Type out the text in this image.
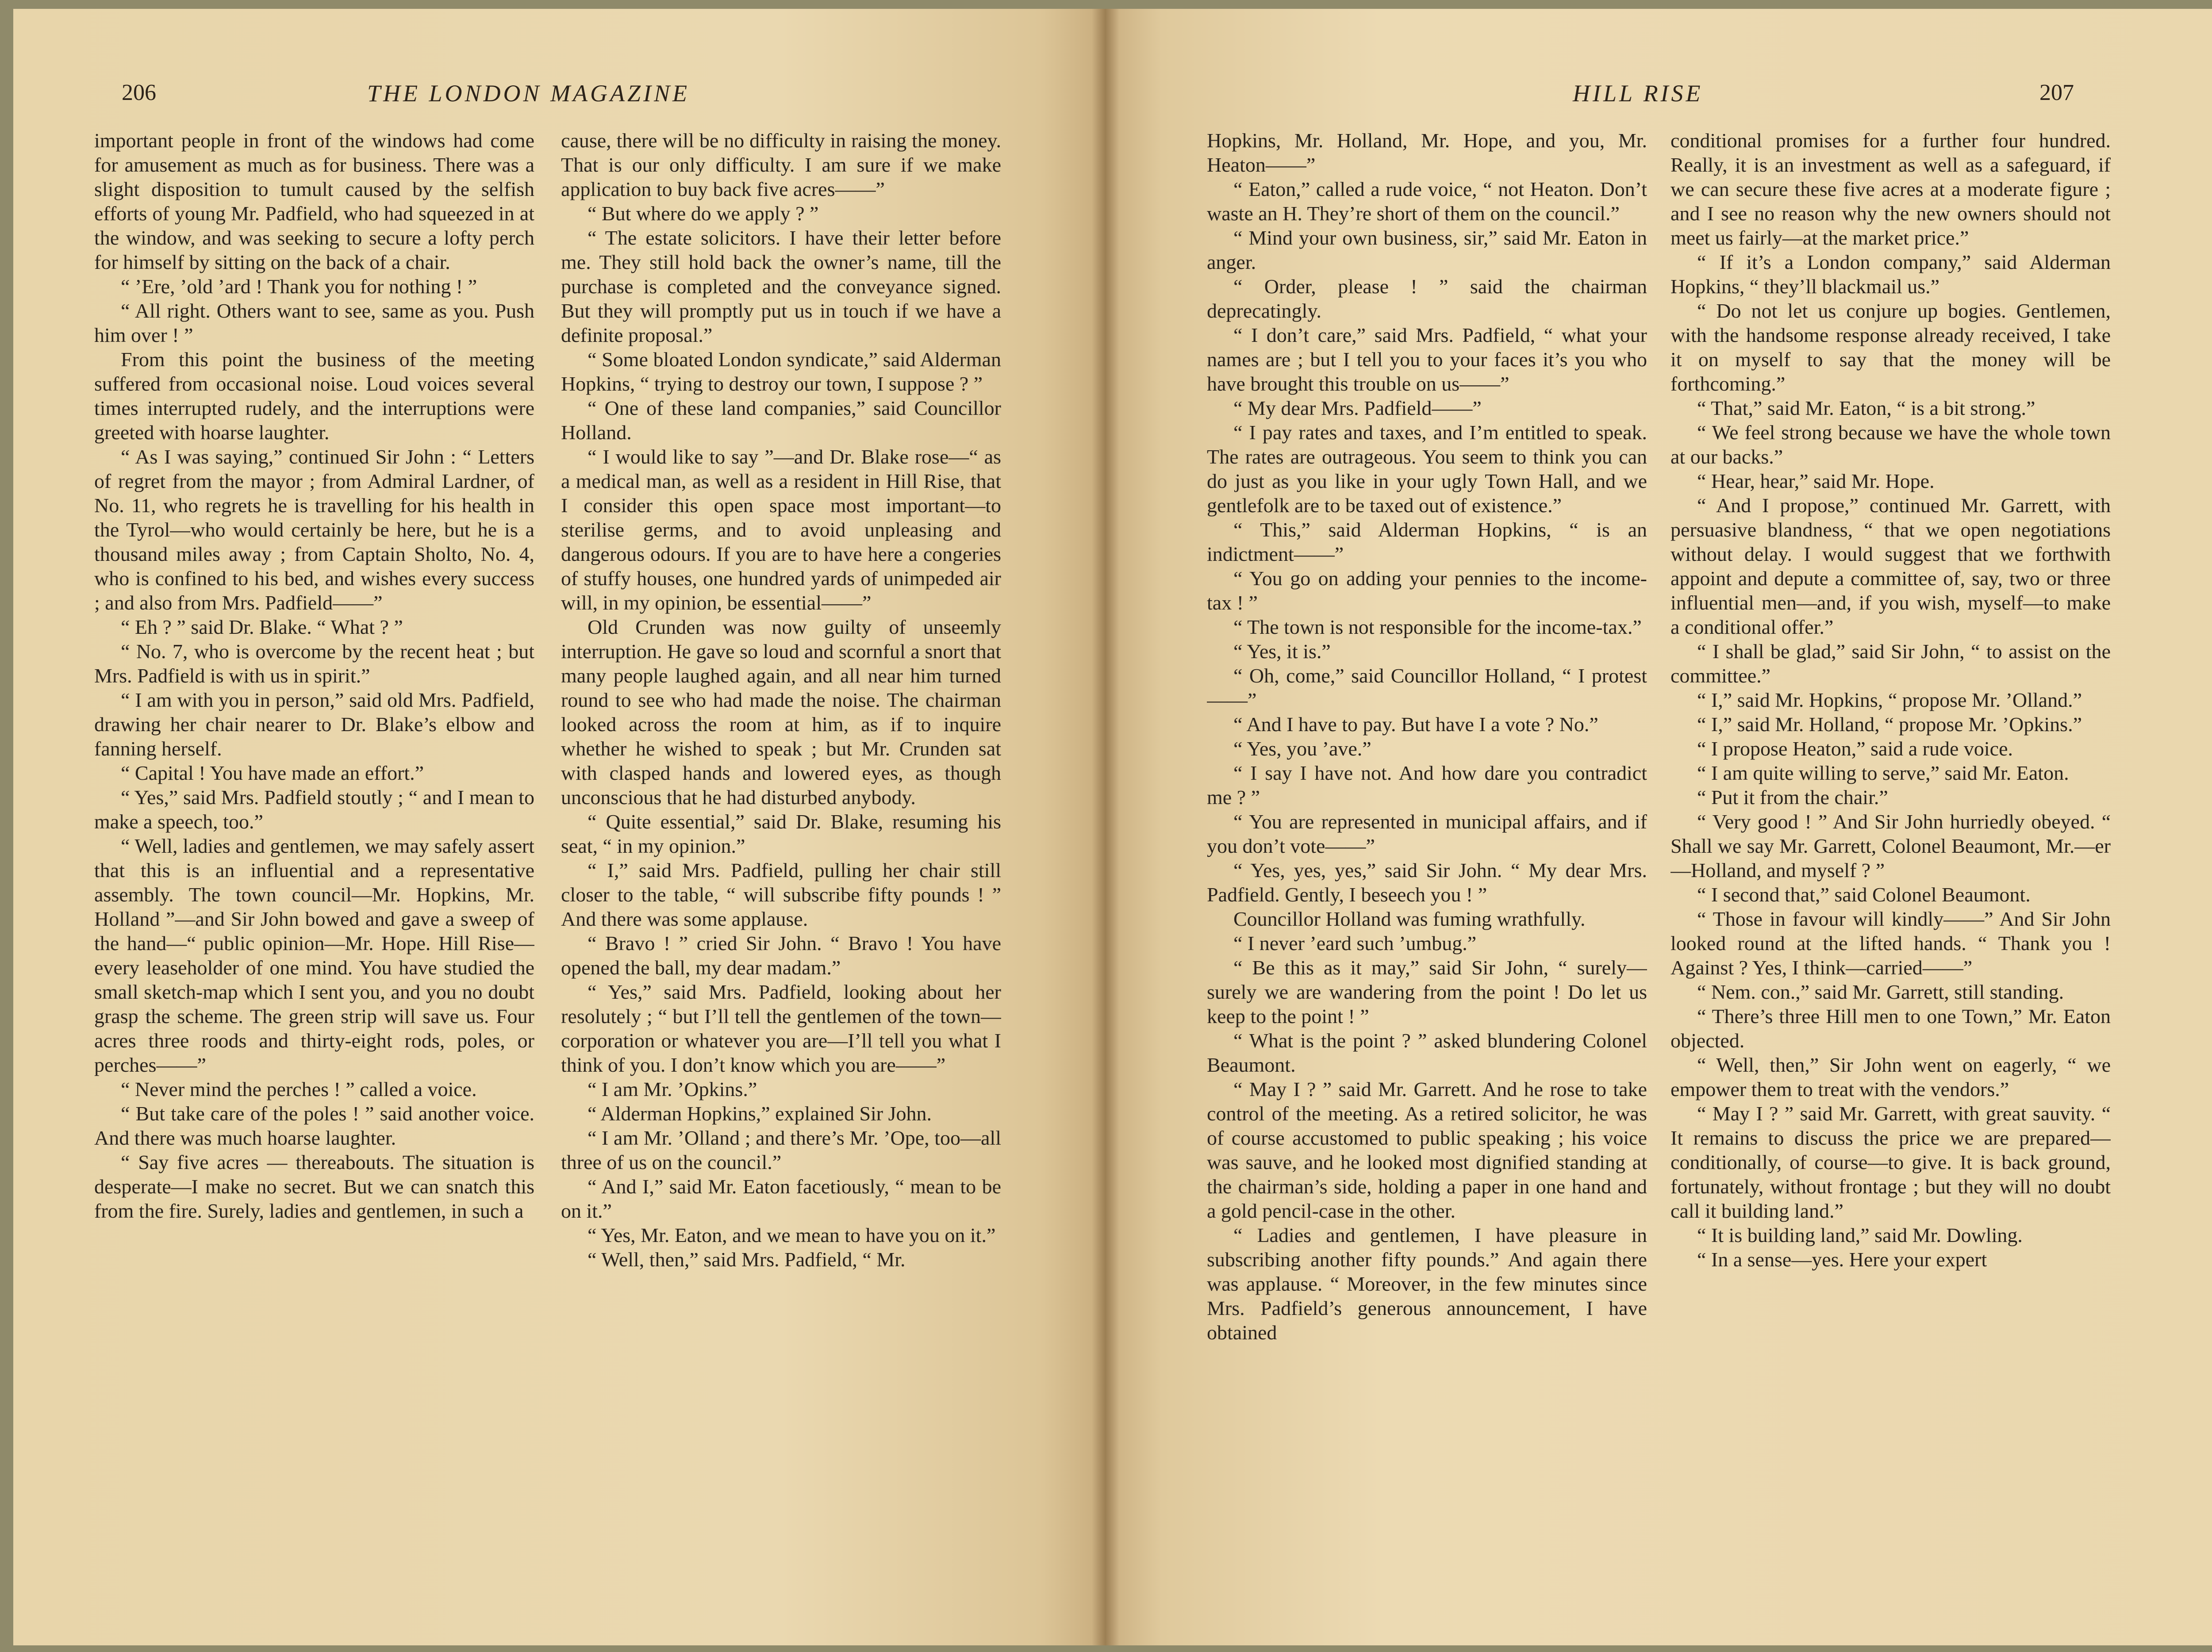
206	THE LONDON MAGAZINE

important people in front of the windows had come for amusement as much as for business. There was a slight disposition to tumult caused by the selfish efforts of young Mr. Padfield, who had squeezed in at the window, and was seeking to secure a lofty perch for himself by sitting on the back of a chair.

“ ’Ere, ’old ’ard ! Thank you for nothing ! ”

“ All right. Others want to see, same as you. Push him over ! ”

From this point the business of the meeting suffered from occasional noise. Loud voices several times interrupted rudely, and the interruptions were greeted with hoarse laughter.

“ As I was saying,” continued Sir John : “ Letters of regret from the mayor ; from Admiral Lardner, of No. 11, who regrets he is travelling for his health in the Tyrol—who would certainly be here, but he is a thousand miles away ; from Captain Sholto, No. 4, who is confined to his bed, and wishes every success ; and also from Mrs. Padfield——”

“ Eh ? ” said Dr. Blake. “ What ? ”

“ No. 7, who is overcome by the recent heat ; but Mrs. Padfield is with us in spirit.”

“ I am with you in person,” said old Mrs. Padfield, drawing her chair nearer to Dr. Blake’s elbow and fanning herself.

“ Capital ! You have made an effort.”

“ Yes,” said Mrs. Padfield stoutly ; “ and I mean to make a speech, too.”

“ Well, ladies and gentlemen, we may safely assert that this is an influential and a representative assembly. The town council—Mr. Hopkins, Mr. Holland ”—and Sir John bowed and gave a sweep of the hand—“ public opinion—Mr. Hope. Hill Rise—every leaseholder of one mind. You have studied the small sketch-map which I sent you, and you no doubt grasp the scheme. The green strip will save us. Four acres three roods and thirty-eight rods, poles, or perches——”

“ Never mind the perches ! ” called a voice.

“ But take care of the poles ! ” said another voice. And there was much hoarse laughter.

“ Say five acres — thereabouts. The situation is desperate—I make no secret. But we can snatch this from the fire. Surely, ladies and gentlemen, in such a

cause, there will be no difficulty in raising the money. That is our only difficulty. I am sure if we make application to buy back five acres——”

“ But where do we apply ? ”

“ The estate solicitors. I have their letter before me. They still hold back the owner’s name, till the purchase is completed and the conveyance signed. But they will promptly put us in touch if we have a definite proposal.”

“ Some bloated London syndicate,” said Alderman Hopkins, “ trying to destroy our town, I suppose ? ”

“ One of these land companies,” said Councillor Holland.

“ I would like to say ”—and Dr. Blake rose—“ as a medical man, as well as a resident in Hill Rise, that I consider this open space most important—to sterilise germs, and to avoid unpleasing and dangerous odours. If you are to have here a congeries of stuffy houses, one hundred yards of unimpeded air will, in my opinion, be essential——”

Old Crunden was now guilty of unseemly interruption. He gave so loud and scornful a snort that many people laughed again, and all near him turned round to see who had made the noise. The chairman looked across the room at him, as if to inquire whether he wished to speak ; but Mr. Crunden sat with clasped hands and lowered eyes, as though unconscious that he had disturbed anybody.

“ Quite essential,” said Dr. Blake, resuming his seat, “ in my opinion.”

“ I,” said Mrs. Padfield, pulling her chair still closer to the table, “ will subscribe fifty pounds ! ” And there was some applause.

“ Bravo ! ” cried Sir John. “ Bravo ! You have opened the ball, my dear madam.”

“ Yes,” said Mrs. Padfield, looking about her resolutely ; “ but I’ll tell the gentlemen of the town—corporation or whatever you are—I’ll tell you what I think of you. I don’t know which you are——”

“ I am Mr. ’Opkins.”

“ Alderman Hopkins,” explained Sir John.

“ I am Mr. ’Olland ; and there’s Mr. ’Ope, too—all three of us on the council.”

“ And I,” said Mr. Eaton facetiously, “ mean to be on it.”

“ Yes, Mr. Eaton, and we mean to have you on it.”

“ Well, then,” said Mrs. Padfield, “ Mr.

HILL RISE	207

Hopkins, Mr. Holland, Mr. Hope, and you, Mr. Heaton——”

“ Eaton,” called a rude voice, “ not Heaton. Don’t waste an H. They’re short of them on the council.”

“ Mind your own business, sir,” said Mr. Eaton in anger.

“ Order, please ! ” said the chairman deprecatingly.

“ I don’t care,” said Mrs. Padfield, “ what your names are ; but I tell you to your faces it’s you who have brought this trouble on us——”

“ My dear Mrs. Padfield——”

“ I pay rates and taxes, and I’m entitled to speak. The rates are outrageous. You seem to think you can do just as you like in your ugly Town Hall, and we gentlefolk are to be taxed out of existence.”

“ This,” said Alderman Hopkins, “ is an indictment——”

“ You go on adding your pennies to the income-tax ! ”

“ The town is not responsible for the income-tax.”

“ Yes, it is.”

“ Oh, come,” said Councillor Holland, “ I protest——”

“ And I have to pay. But have I a vote ? No.”

“ Yes, you ’ave.”

“ I say I have not. And how dare you contradict me ? ”

“ You are represented in municipal affairs, and if you don’t vote——”

“ Yes, yes, yes,” said Sir John. “ My dear Mrs. Padfield. Gently, I beseech you ! ”

Councillor Holland was fuming wrathfully.

“ I never ’eard such ’umbug.”

“ Be this as it may,” said Sir John, “ surely—surely we are wandering from the point ! Do let us keep to the point ! ”

“ What is the point ? ” asked blundering Colonel Beaumont.

“ May I ? ” said Mr. Garrett. And he rose to take control of the meeting. As a retired solicitor, he was of course accustomed to public speaking ; his voice was sauve, and he looked most dignified standing at the chairman’s side, holding a paper in one hand and a gold pencil-case in the other.

“ Ladies and gentlemen, I have pleasure in subscribing another fifty pounds.” And again there was applause. “ Moreover, in the few minutes since Mrs. Padfield’s generous announcement, I have obtained

conditional promises for a further four hundred. Really, it is an investment as well as a safeguard, if we can secure these five acres at a moderate figure ; and I see no reason why the new owners should not meet us fairly—at the market price.”

“ If it’s a London company,” said Alderman Hopkins, “ they’ll blackmail us.”

“ Do not let us conjure up bogies. Gentlemen, with the handsome response already received, I take it on myself to say that the money will be forthcoming.”

“ That,” said Mr. Eaton, “ is a bit strong.”

“ We feel strong because we have the whole town at our backs.”

“ Hear, hear,” said Mr. Hope.

“ And I propose,” continued Mr. Garrett, with persuasive blandness, “ that we open negotiations without delay. I would suggest that we forthwith appoint and depute a committee of, say, two or three influential men—and, if you wish, myself—to make a conditional offer.”

“ I shall be glad,” said Sir John, “ to assist on the committee.”

“ I,” said Mr. Hopkins, “ propose Mr. ’Olland.”

“ I,” said Mr. Holland, “ propose Mr. ’Opkins.”

“ I propose Heaton,” said a rude voice.

“ I am quite willing to serve,” said Mr. Eaton.

“ Put it from the chair.”

“ Very good ! ” And Sir John hurriedly obeyed. “ Shall we say Mr. Garrett, Colonel Beaumont, Mr.—er—Holland, and myself ? ”

“ I second that,” said Colonel Beaumont.

“ Those in favour will kindly——” And Sir John looked round at the lifted hands. “ Thank you ! Against ? Yes, I think—carried——”

“ Nem. con.,” said Mr. Garrett, still standing.

“ There’s three Hill men to one Town,” Mr. Eaton objected.

“ Well, then,” Sir John went on eagerly, “ we empower them to treat with the vendors.”

“ May I ? ” said Mr. Garrett, with great sauvity. “ It remains to discuss the price we are prepared—conditionally, of course—to give. It is back ground, fortunately, without frontage ; but they will no doubt call it building land.”

“ It is building land,” said Mr. Dowling.

“ In a sense—yes. Here your expert
